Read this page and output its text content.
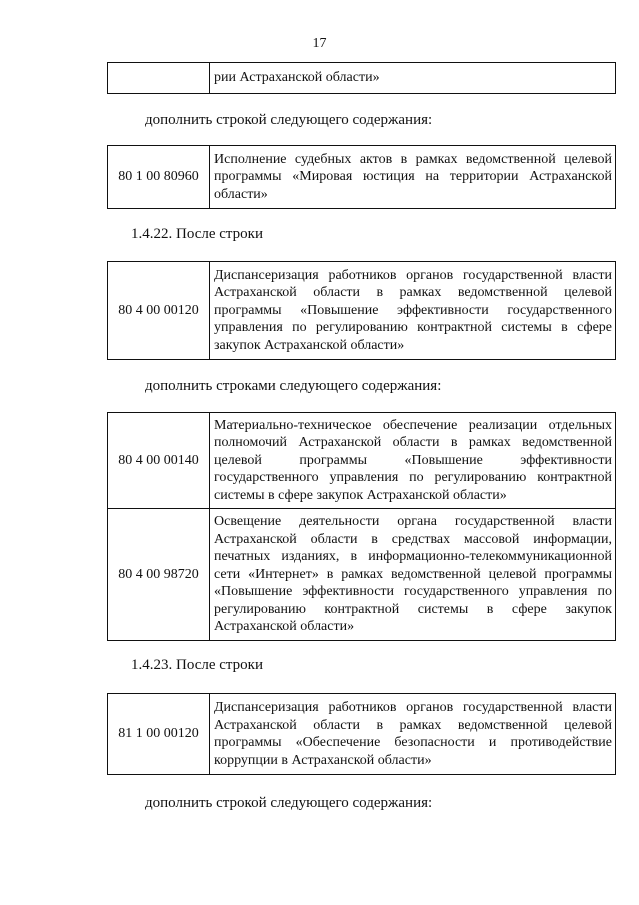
17
	рии Астраханской области»

дополнить строкой следующего содержания:

80 1 00 80960	Исполнение судебных актов в рамках ведомственной целевой программы «Мировая юстиция на территории Астраханской области»

1.4.22. После строки

80 4 00 00120	Диспансеризация работников органов государственной власти Астраханской области в рамках ведомственной целевой программы «Повышение эффективности государственного управления по регулированию контрактной системы в сфере закупок Астраханской области»

дополнить строками следующего содержания:

80 4 00 00140	Материально-техническое обеспечение реализации отдельных полномочий Астраханской области в рамках ведомственной целевой программы «Повышение эффективности государственного управления по регулированию контрактной системы в сфере закупок Астраханской области»
80 4 00 98720	Освещение деятельности органа государственной власти Астраханской области в средствах массовой информации, печатных изданиях, в информационно-телекоммуникационной сети «Интернет» в рамках ведомственной целевой программы «Повышение эффективности государственного управления по регулированию контрактной системы в сфере закупок Астраханской области»

1.4.23. После строки

81 1 00 00120	Диспансеризация работников органов государственной власти Астраханской области в рамках ведомственной целевой программы «Обеспечение безопасности и противодействие коррупции в Астраханской области»

дополнить строкой следующего содержания:
